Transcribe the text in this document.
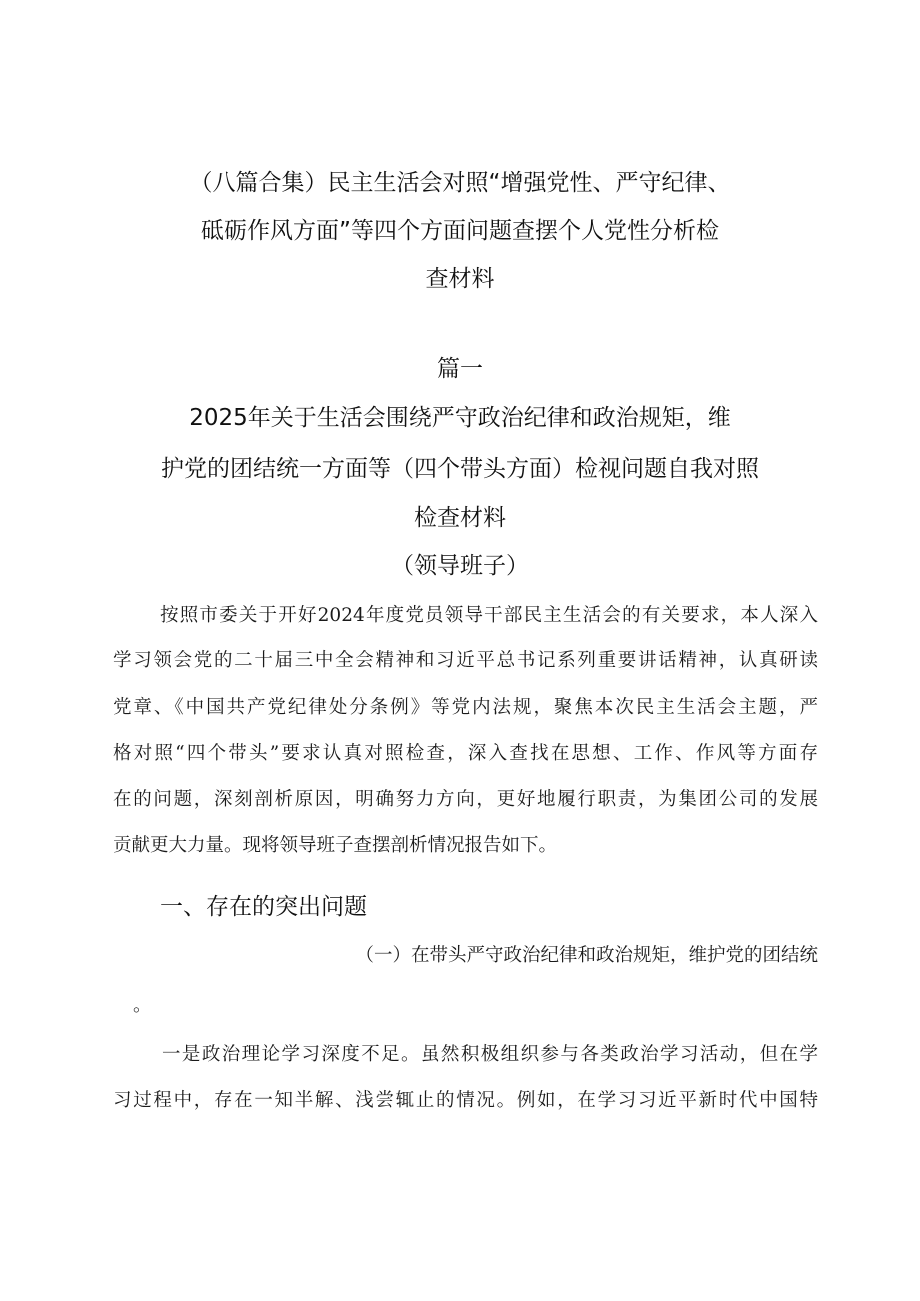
（八篇合集）民主生活会对照“增强党性、严守纪律、
砥砺作风方面”等四个方面问题查摆个人党性分析检
查材料
篇一
2025年关于生活会围绕严守政治纪律和政治规矩，维
护党的团结统一方面等（四个带头方面）检视问题自我对照
检查材料
（领导班子）
按照市委关于开好2024年度党员领导干部民主生活会的有关要求，本人深入
学习领会党的二十届三中全会精神和习近平总书记系列重要讲话精神，认真研读
党章、《中国共产党纪律处分条例》等党内法规，聚焦本次民主生活会主题，严
格对照“四个带头”要求认真对照检查，深入查找在思想、工作、作风等方面存
在的问题，深刻剖析原因，明确努力方向，更好地履行职责，为集团公司的发展
贡献更大力量。现将领导班子查摆剖析情况报告如下。
一、存在的突出问题
（一）在带头严守政治纪律和政治规矩，维护党的团结统
。
一是政治理论学习深度不足。虽然积极组织参与各类政治学习活动，但在学
习过程中，存在一知半解、浅尝辄止的情况。例如，在学习习近平新时代中国特
